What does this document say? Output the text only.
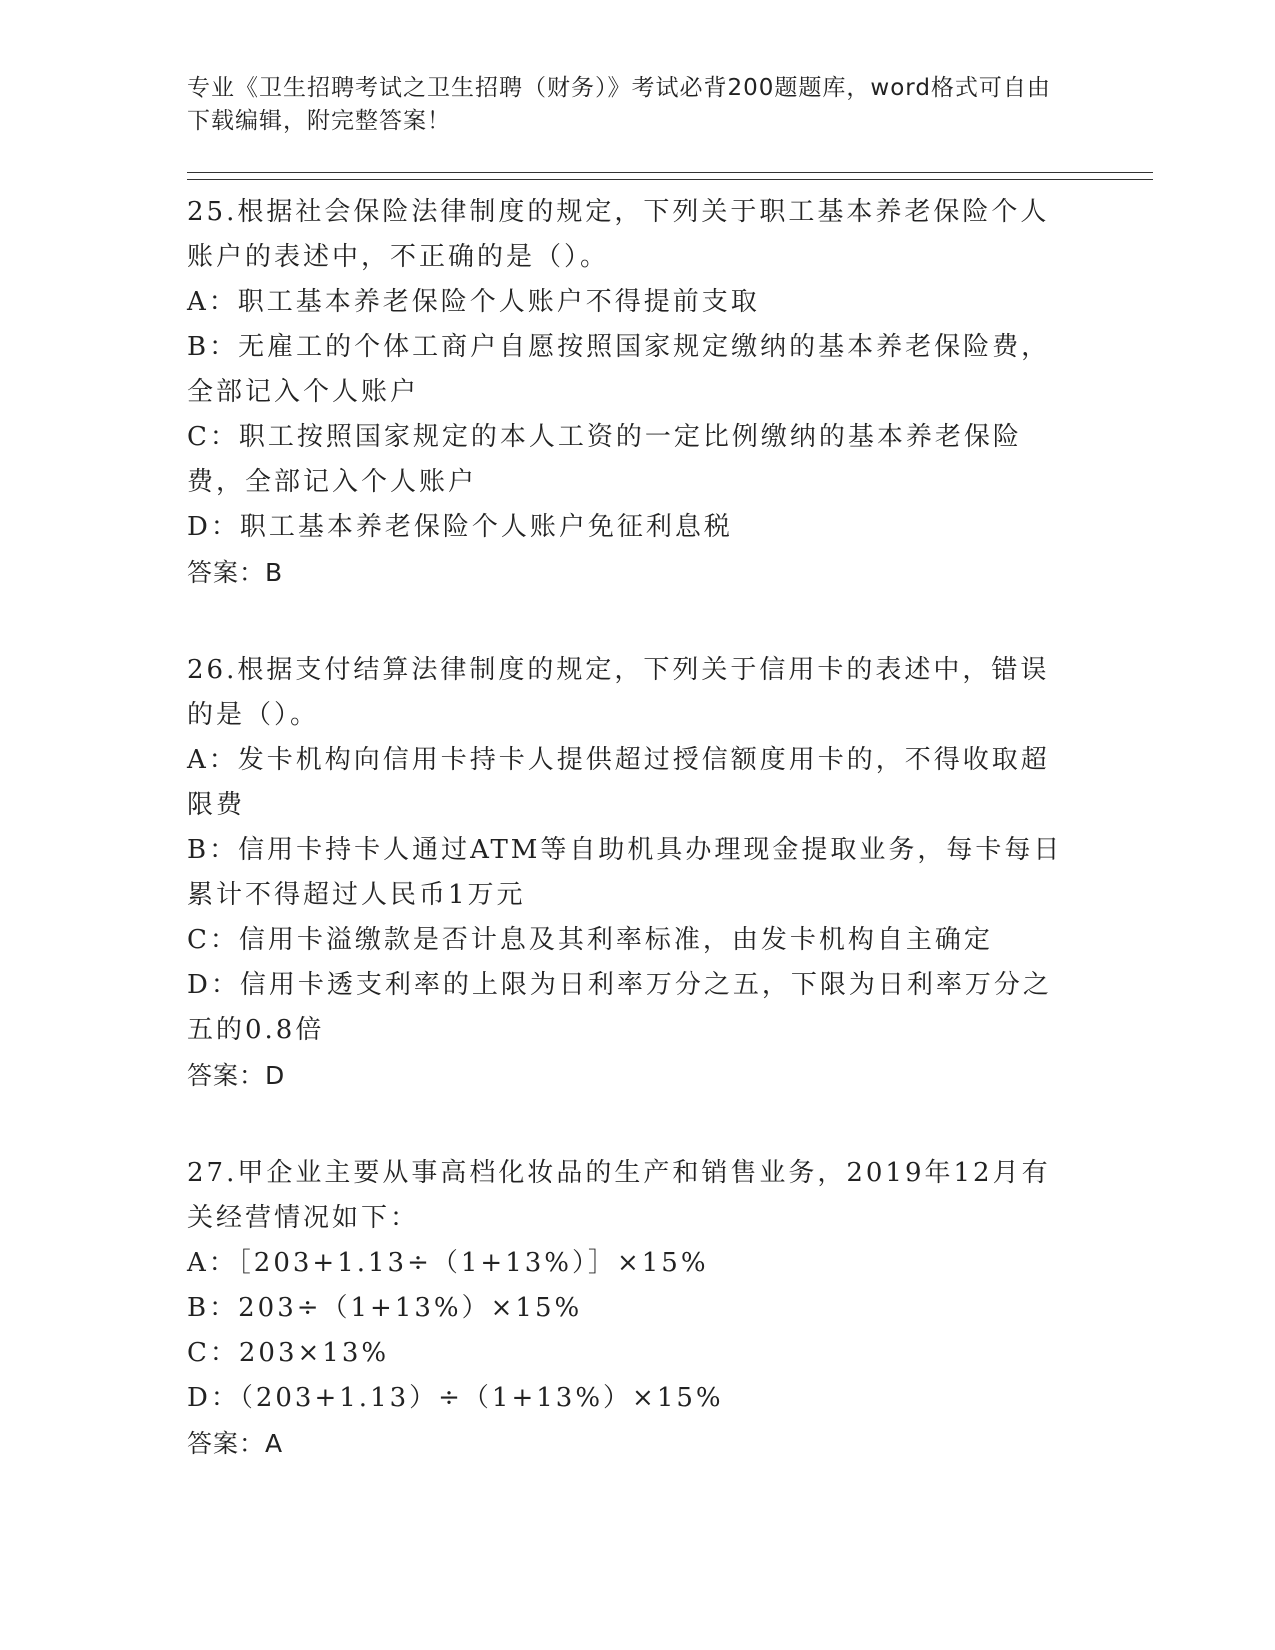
专业《卫生招聘考试之卫生招聘（财务）》考试必背200题题库，word格式可自由下载编辑，附完整答案！

25.根据社会保险法律制度的规定，下列关于职工基本养老保险个人账户的表述中，不正确的是（）。

A：职工基本养老保险个人账户不得提前支取

B：无雇工的个体工商户自愿按照国家规定缴纳的基本养老保险费，全部记入个人账户

C：职工按照国家规定的本人工资的一定比例缴纳的基本养老保险费，全部记入个人账户

D：职工基本养老保险个人账户免征利息税

答案：B

26.根据支付结算法律制度的规定，下列关于信用卡的表述中，错误的是（）。

A：发卡机构向信用卡持卡人提供超过授信额度用卡的，不得收取超限费

B：信用卡持卡人通过ATM等自助机具办理现金提取业务，每卡每日累计不得超过人民币1万元

C：信用卡溢缴款是否计息及其利率标准，由发卡机构自主确定

D：信用卡透支利率的上限为日利率万分之五，下限为日利率万分之五的0.8倍

答案：D

27.甲企业主要从事高档化妆品的生产和销售业务，2019年12月有关经营情况如下：

A：［203+1.13÷（1+13%）］×15%

B：203÷（1+13%）×15%

C：203×13%

D：（203+1.13）÷（1+13%）×15%

答案：A
